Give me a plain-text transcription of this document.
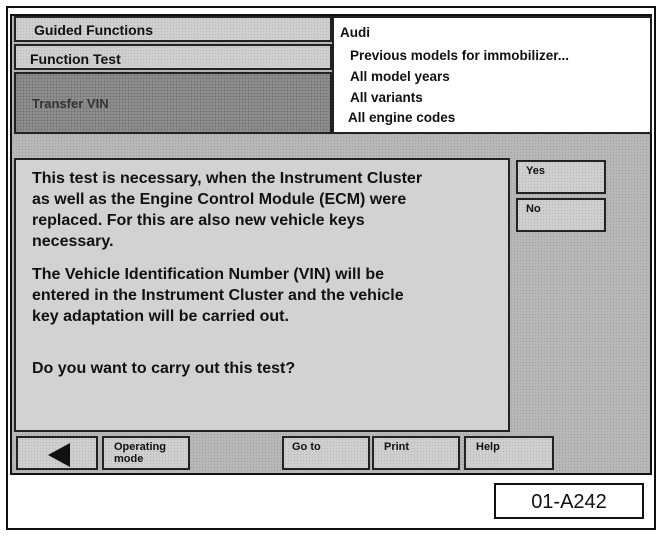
Guided Functions
Function Test
Transfer VIN
Audi
Previous models for immobilizer...
All model years
All variants
All engine codes

This test is necessary, when the Instrument Cluster

as well as the Engine Control Module (ECM) were

replaced. For this are also new vehicle keys

necessary.

The Vehicle Identification Number (VIN) will be

entered in the Instrument Cluster and the vehicle

key adaptation will be carried out.

Do you want to carry out this test?

Yes
No
Operating
mode
Go to	Print	Help
01-A242
